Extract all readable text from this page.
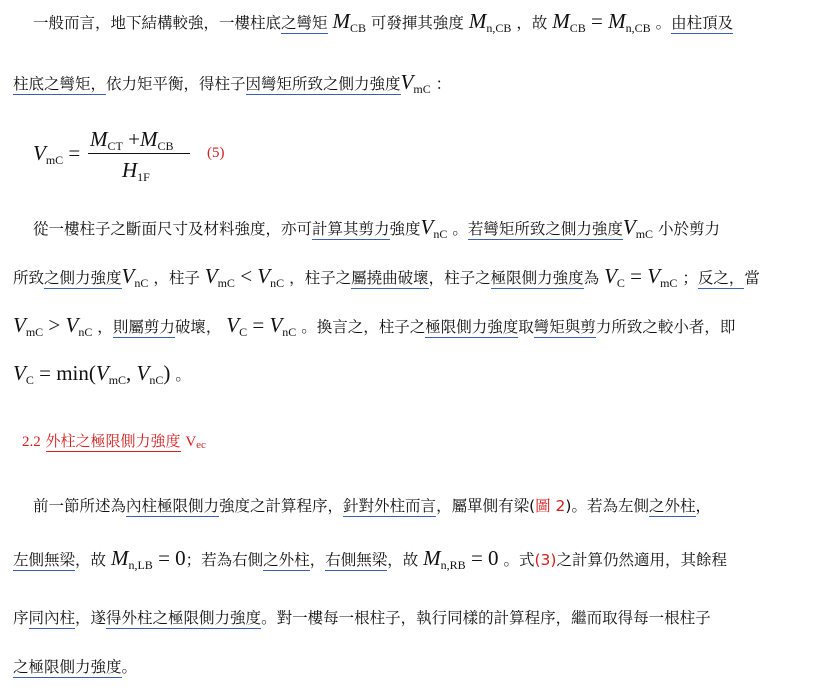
一般而言，地下結構較強，一樓柱底之彎矩 $M_{CB}$ 可發揮其強度 $M_{n,CB}$ ，故 $M_{CB} = M_{n,CB}$ 。由柱頂及
柱底之彎矩，依力矩平衡，得柱子因彎矩所致之側力強度$V_{mC}$ ：
$V_{mC}$ =
$M_{CT} +M_{CB}$
$H_{1F}$
(5)
從一樓柱子之斷面尺寸及材料強度，亦可計算其剪力強度$V_{nC}$ 。若彎矩所致之側力強度$V_{mC}$ 小於剪力
所致之側力強度$V_{nC}$ ，柱子 $V_{mC} < V_{nC}$ ，柱子之屬撓曲破壞，柱子之極限側力強度為 $V_C = V_{mC}$ ；反之，當
$V_{mC} > V_{nC}$ ，則屬剪力破壞， $V_C = V_{nC}$ 。換言之，柱子之極限側力強度取彎矩與剪力所致之較小者，即
$V_C = \min(V_{mC}$, $V_{nC}$) 。
2.2 外柱之極限側力強度 Vec
前一節所述為內柱極限側力強度之計算程序，針對外柱而言，屬單側有梁(圖 2)。若為左側之外柱，
左側無梁，故 $M_{n,LB} = 0$；若為右側之外柱，右側無梁，故 $M_{n,RB} = 0$ 。式(3)之計算仍然適用，其餘程
序同內柱，遂得外柱之極限側力強度。對一樓每一根柱子，執行同樣的計算程序，繼而取得每一根柱子
之極限側力強度。
